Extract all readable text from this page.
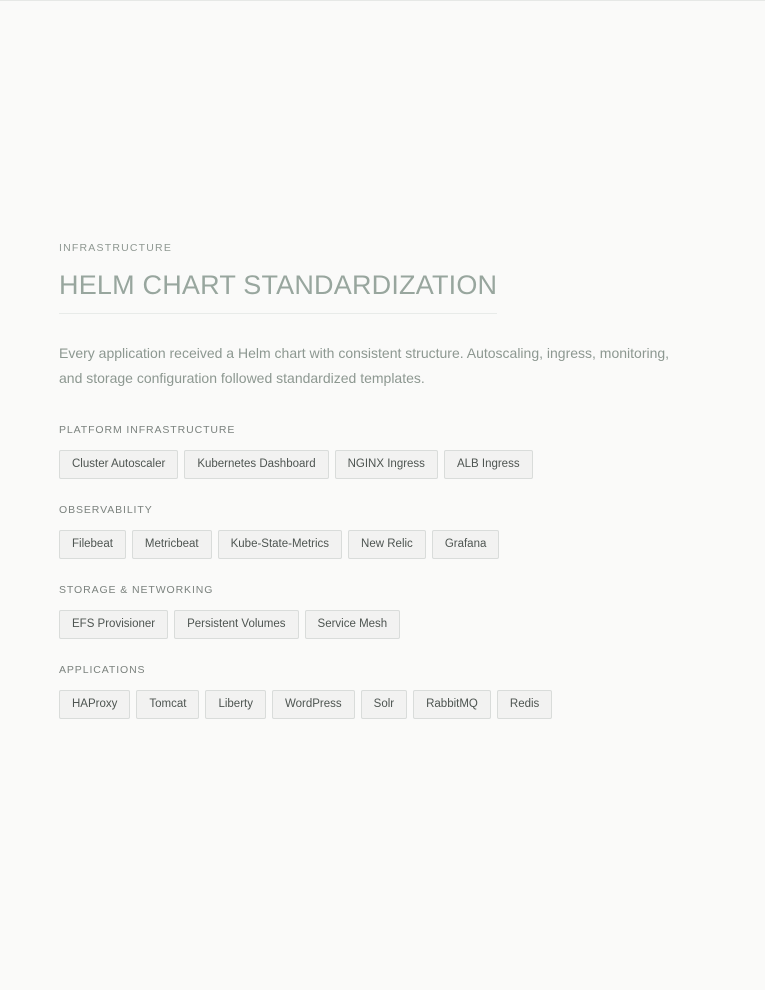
INFRASTRUCTURE

HELM CHART STANDARDIZATION

Every application received a Helm chart with consistent structure. Autoscaling, ingress, monitoring, and storage configuration followed standardized templates.

PLATFORM INFRASTRUCTURE

Cluster Autoscaler	Kubernetes Dashboard	NGINX Ingress	ALB Ingress

OBSERVABILITY

Filebeat	Metricbeat	Kube-State-Metrics	New Relic	Grafana

STORAGE & NETWORKING

EFS Provisioner	Persistent Volumes	Service Mesh

APPLICATIONS

HAProxy	Tomcat	Liberty	WordPress	Solr	RabbitMQ	Redis
